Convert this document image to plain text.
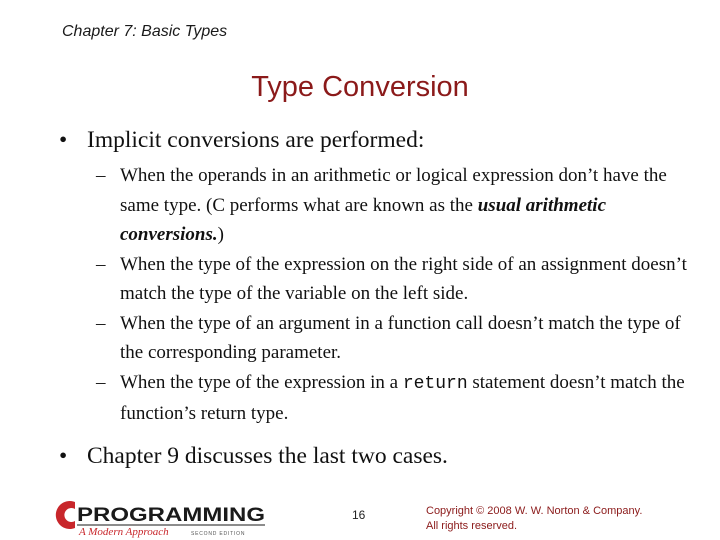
Chapter 7: Basic Types
Type Conversion
• Implicit conversions are performed:
– When the operands in an arithmetic or logical expression don’t have the same type. (C performs what are known as the usual arithmetic conversions.)
– When the type of the expression on the right side of an assignment doesn’t match the type of the variable on the left side.
– When the type of an argument in a function call doesn’t match the type of the corresponding parameter.
– When the type of the expression in a return statement doesn’t match the function’s return type.
• Chapter 9 discusses the last two cases.
PROGRAMMING
A Modern Approach	SECOND EDITION
16	Copyright © 2008 W. W. Norton & Company.
All rights reserved.
